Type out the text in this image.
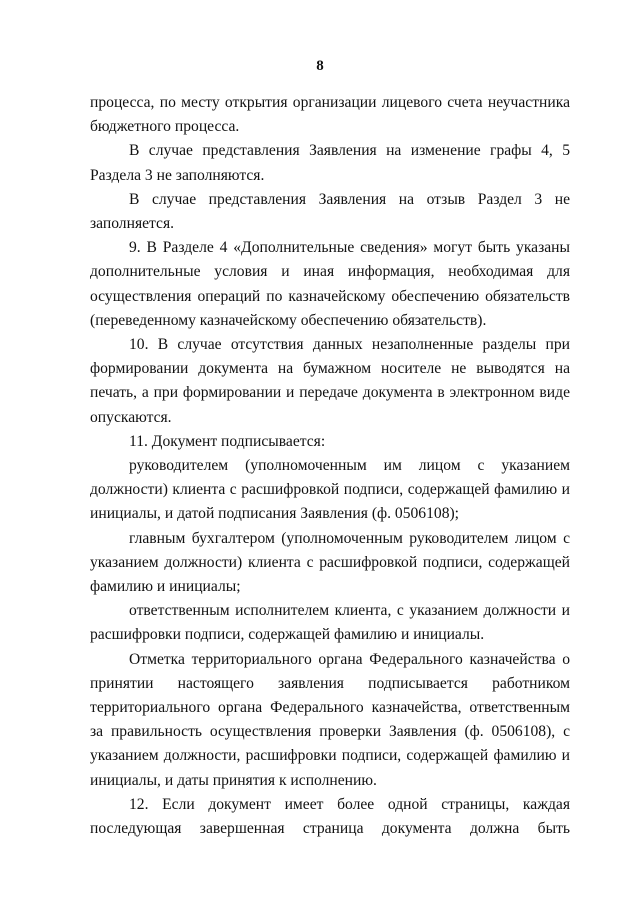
8

процесса, по месту открытия организации лицевого счета неучастника бюджетного процесса.

В случае представления Заявления на изменение графы 4, 5 Раздела 3 не заполняются.

В случае представления Заявления на отзыв Раздел 3 не заполняется.

9. В Разделе 4 «Дополнительные сведения» могут быть указаны дополнительные условия и иная информация, необходимая для осуществления операций по казначейскому обеспечению обязательств (переведенному казначейскому обеспечению обязательств).

10. В случае отсутствия данных незаполненные разделы при формировании документа на бумажном носителе не выводятся на печать, а при формировании и передаче документа в электронном виде опускаются.

11. Документ подписывается:

руководителем (уполномоченным им лицом с указанием должности) клиента с расшифровкой подписи, содержащей фамилию и инициалы, и датой подписания Заявления (ф. 0506108);

главным бухгалтером (уполномоченным руководителем лицом с указанием должности) клиента с расшифровкой подписи, содержащей фамилию и инициалы;

ответственным исполнителем клиента, с указанием должности и расшифровки подписи, содержащей фамилию и инициалы.

Отметка территориального органа Федерального казначейства о принятии настоящего заявления подписывается работником территориального органа Федерального казначейства, ответственным за правильность осуществления проверки Заявления (ф. 0506108), с указанием должности, расшифровки подписи, содержащей фамилию и инициалы, и даты принятия к исполнению.

12. Если документ имеет более одной страницы, каждая последующая завершенная страница документа должна быть
